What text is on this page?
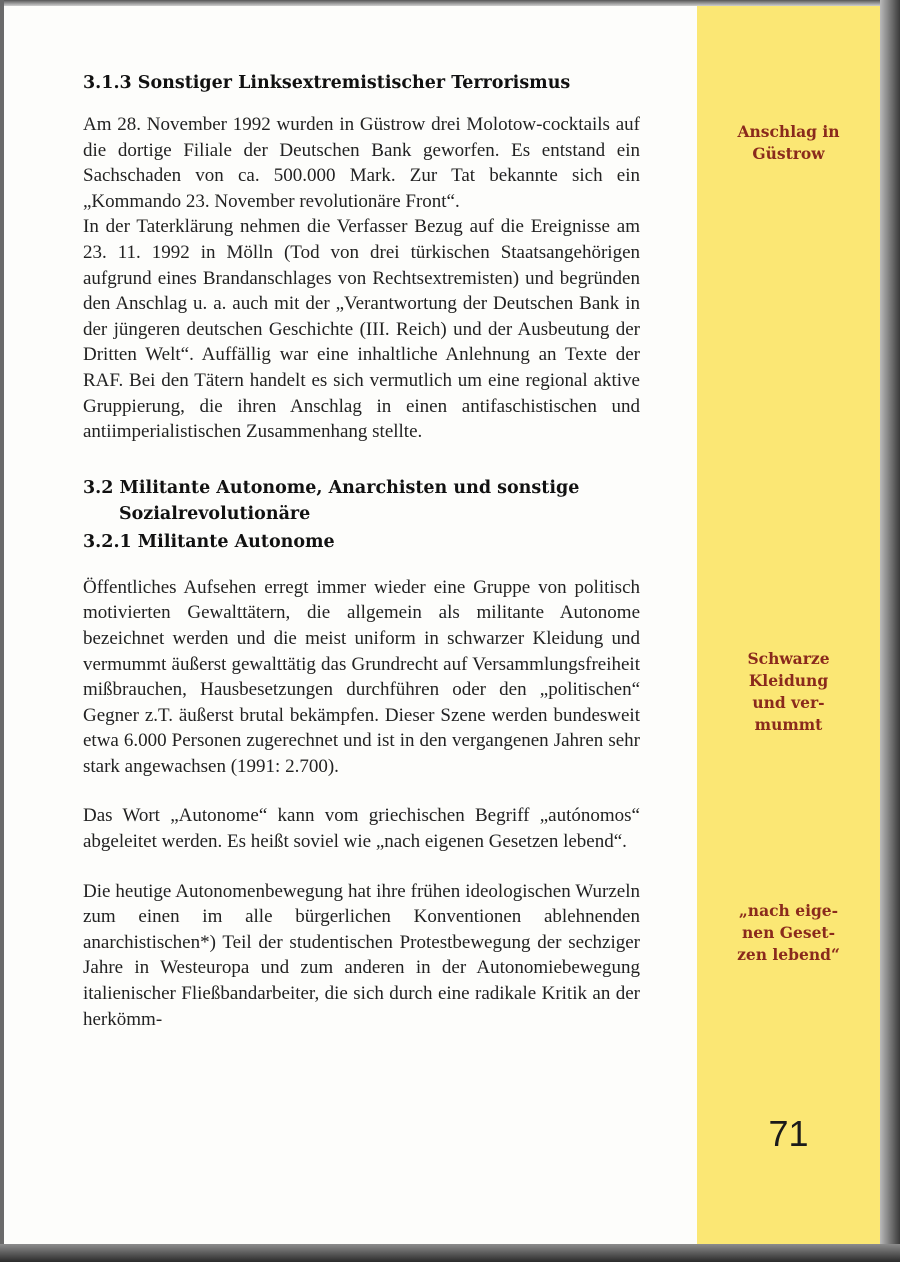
3.1.3 Sonstiger Linksextremistischer Terrorismus

Am 28. November 1992 wurden in Güstrow drei Molotow-cocktails auf die dortige Filiale der Deutschen Bank geworfen. Es entstand ein Sachschaden von ca. 500.000 Mark. Zur Tat bekannte sich ein „Kommando 23. November revolutionäre Front“.

In der Taterklärung nehmen die Verfasser Bezug auf die Ereignisse am 23. 11. 1992 in Mölln (Tod von drei türkischen Staatsangehörigen aufgrund eines Brandanschlages von Rechtsextremisten) und begründen den Anschlag u. a. auch mit der „Verantwortung der Deutschen Bank in der jüngeren deutschen Geschichte (III. Reich) und der Ausbeutung der Dritten Welt“. Auffällig war eine inhaltliche Anlehnung an Texte der RAF. Bei den Tätern handelt es sich vermutlich um eine regional aktive Gruppierung, die ihren Anschlag in einen antifaschistischen und antiimperialistischen Zusammenhang stellte.

3.2 Militante Autonome, Anarchisten und sonstige
Sozialrevolutionäre
3.2.1 Militante Autonome

Öffentliches Aufsehen erregt immer wieder eine Gruppe von politisch motivierten Gewalttätern, die allgemein als militante Autonome bezeichnet werden und die meist uniform in schwarzer Kleidung und vermummt äußerst gewalttätig das Grundrecht auf Versammlungsfreiheit mißbrauchen, Hausbesetzungen durchführen oder den „politischen“ Gegner z.T. äußerst brutal bekämpfen. Dieser Szene werden bundesweit etwa 6.000 Personen zugerechnet und ist in den vergangenen Jahren sehr stark angewachsen (1991: 2.700).

Das Wort „Autonome“ kann vom griechischen Begriff „autónomos“ abgeleitet werden. Es heißt soviel wie „nach eigenen Gesetzen lebend“.

Die heutige Autonomenbewegung hat ihre frühen ideologischen Wurzeln zum einen im alle bürgerlichen Konventionen ablehnenden anarchistischen*) Teil der studentischen Protestbewegung der sechziger Jahre in Westeuropa und zum anderen in der Autonomiebewegung italienischer Fließbandarbeiter, die sich durch eine radikale Kritik an der herkömm-

Anschlag in
Güstrow
Schwarze
Kleidung
und ver-
mummt
„nach eige-
nen Geset-
zen lebend“
71
